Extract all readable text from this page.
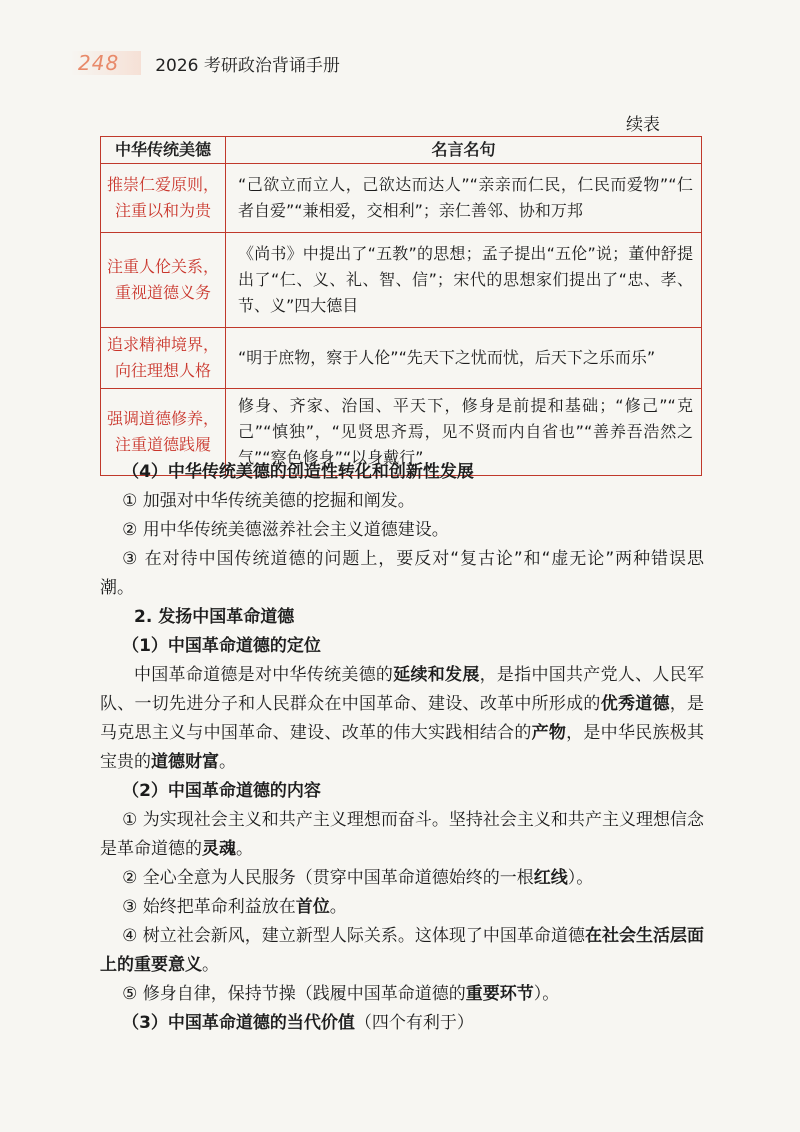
248	2026 考研政治背诵手册
续表
中华传统美德	名言名句
推崇仁爱原则，注重以和为贵	“己欲立而立人，己欲达而达人”“亲亲而仁民，仁民而爱物”“仁者自爱”“兼相爱，交相利”；亲仁善邻、协和万邦
注重人伦关系，重视道德义务	《尚书》中提出了“五教”的思想；孟子提出“五伦”说；董仲舒提出了“仁、义、礼、智、信”；宋代的思想家们提出了“忠、孝、节、义”四大德目
追求精神境界，向往理想人格	“明于庶物，察于人伦”“先天下之忧而忧，后天下之乐而乐”
强调道德修养，注重道德践履	修身、齐家、治国、平天下，修身是前提和基础；“修己”“克己”“慎独”，“见贤思齐焉，见不贤而内自省也”“善养吾浩然之气”“察色修身”“以身戴行”

（4）中华传统美德的创造性转化和创新性发展

① 加强对中华传统美德的挖掘和阐发。

② 用中华传统美德滋养社会主义道德建设。

③ 在对待中国传统道德的问题上，要反对“复古论”和“虚无论”两种错误思潮。

2. 发扬中国革命道德

（1）中国革命道德的定位

中国革命道德是对中华传统美德的延续和发展，是指中国共产党人、人民军队、一切先进分子和人民群众在中国革命、建设、改革中所形成的优秀道德，是马克思主义与中国革命、建设、改革的伟大实践相结合的产物，是中华民族极其宝贵的道德财富。

（2）中国革命道德的内容

① 为实现社会主义和共产主义理想而奋斗。坚持社会主义和共产主义理想信念是革命道德的灵魂。

② 全心全意为人民服务（贯穿中国革命道德始终的一根红线）。

③ 始终把革命利益放在首位。

④ 树立社会新风，建立新型人际关系。这体现了中国革命道德在社会生活层面上的重要意义。

⑤ 修身自律，保持节操（践履中国革命道德的重要环节）。

（3）中国革命道德的当代价值（四个有利于）
